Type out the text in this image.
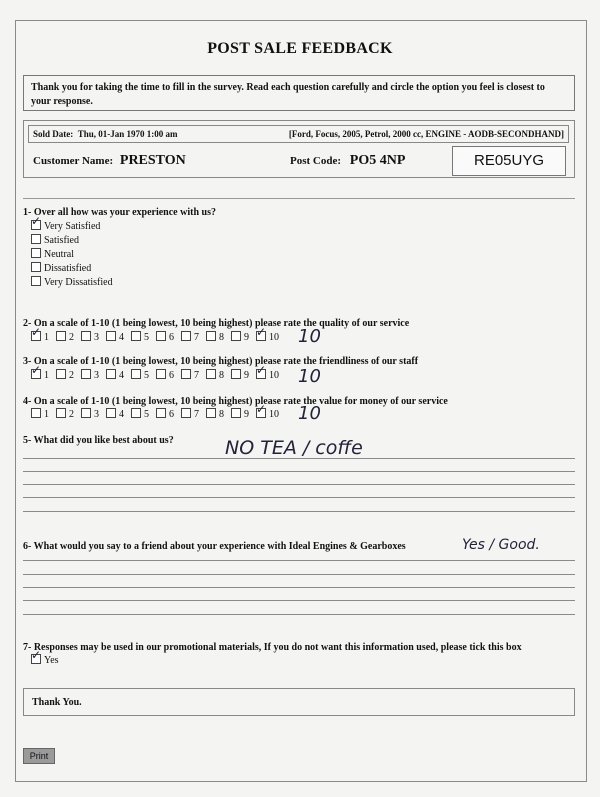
POST SALE FEEDBACK
Thank you for taking the time to fill in the survey. Read each question carefully and circle the option you feel is closest to your response.
Sold Date: Thu, 01-Jan 1970 1:00 am	[Ford, Focus, 2005, Petrol, 2000 cc, ENGINE - AODB-SECONDHAND]
Customer Name: PRESTON	Post Code: PO5 4NP	RE05UYG
1- Over all how was your experience with us?
✓Very Satisfied
Satisfied
Neutral
Dissatisfied
Very Dissatisfied
2- On a scale of 1-10 (1 being lowest, 10 being highest) please rate the quality of our service
✓1 2 3 4 5 6 7 8 9 ✓ 10	10
3- On a scale of 1-10 (1 being lowest, 10 being highest) please rate the friendliness of our staff
✓1 2 3 4 5 6 7 8 9 ✓ 10	10
4- On a scale of 1-10 (1 being lowest, 10 being highest) please rate the value for money of our service
1 2 3 4 5 6 7 8 9 ✓ 10	10
5- What did you like best about us?	NO TEA / coffe
6- What would you say to a friend about your experience with Ideal Engines & Gearboxes	Yes / Good.
7- Responses may be used in our promotional materials, If you do not want this information used, please tick this box
✓Yes
Thank You.
Print
